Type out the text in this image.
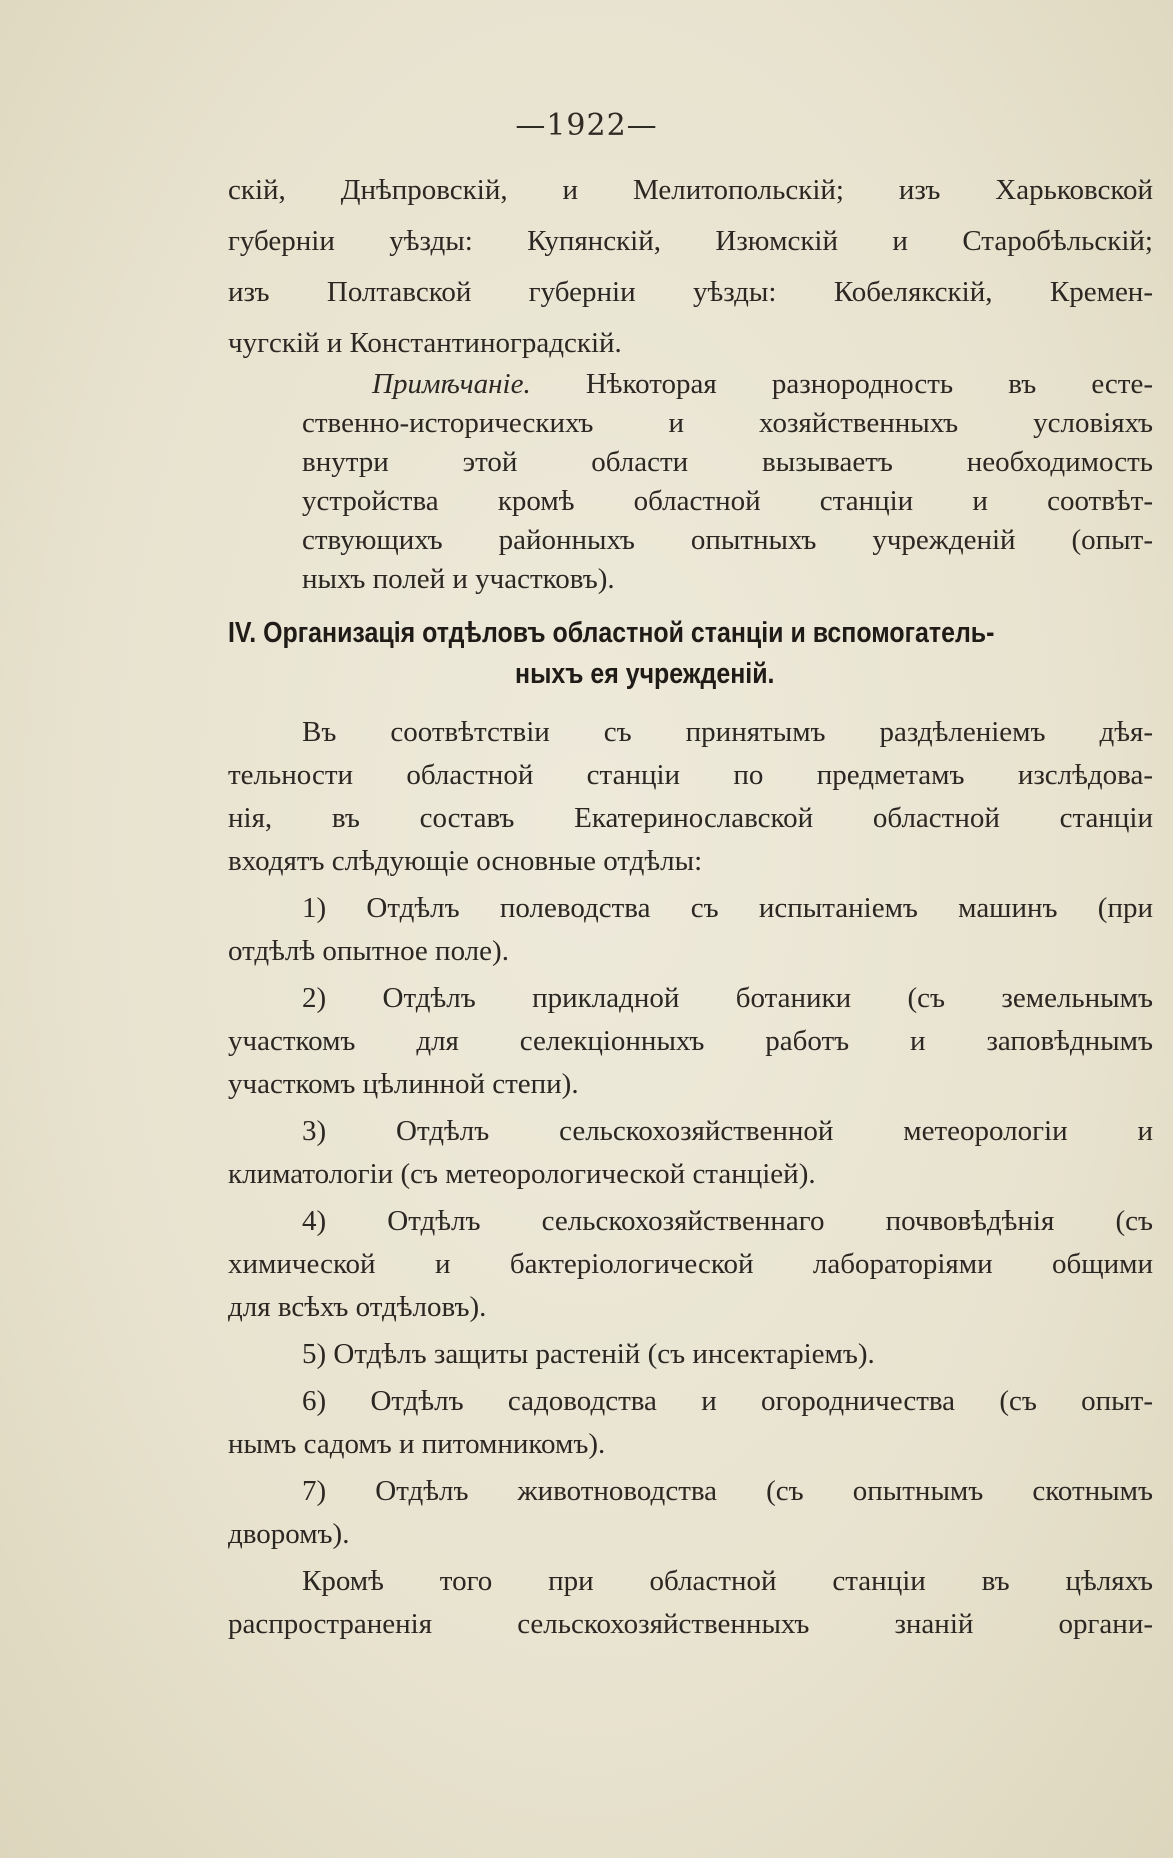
—1922—
скій, Днѣпровскій, и Мелитопольскій; изъ Харьковской
губерніи уѣзды: Купянскій, Изюмскій и Старобѣльскій;
изъ Полтавской губерніи уѣзды: Кобелякскій, Кремен-
чугскій и Константиноградскій.
Примѣчаніе. Нѣкоторая разнородность въ есте-
ственно-историческихъ и хозяйственныхъ условіяхъ
внутри этой области вызываетъ необходимость
устройства кромѣ областной станціи и соотвѣт-
ствующихъ районныхъ опытныхъ учрежденій (опыт-
ныхъ полей и участковъ).
IV. Организація отдѣловъ областной станціи и вспомогатель-
ныхъ ея учрежденій.
Въ соотвѣтствіи съ принятымъ раздѣленіемъ дѣя-
тельности областной станціи по предметамъ изслѣдова-
нія, въ составъ Екатеринославской областной станціи
входятъ слѣдующіе основные отдѣлы:
1) Отдѣлъ полеводства съ испытаніемъ машинъ (при
отдѣлѣ опытное поле).
2) Отдѣлъ прикладной ботаники (съ земельнымъ
участкомъ для селекціонныхъ работъ и заповѣднымъ
участкомъ цѣлинной степи).
3) Отдѣлъ сельскохозяйственной метеорологіи и
климатологіи (съ метеорологической станціей).
4) Отдѣлъ сельскохозяйственнаго почвовѣдѣнія (съ
химической и бактеріологической лабораторіями общими
для всѣхъ отдѣловъ).
5) Отдѣлъ защиты растеній (съ инсектаріемъ).
6) Отдѣлъ садоводства и огородничества (съ опыт-
нымъ садомъ и питомникомъ).
7) Отдѣлъ животноводства (съ опытнымъ скотнымъ
дворомъ).
Кромѣ того при областной станціи въ цѣляхъ
распространенія сельскохозяйственныхъ знаній органи-
